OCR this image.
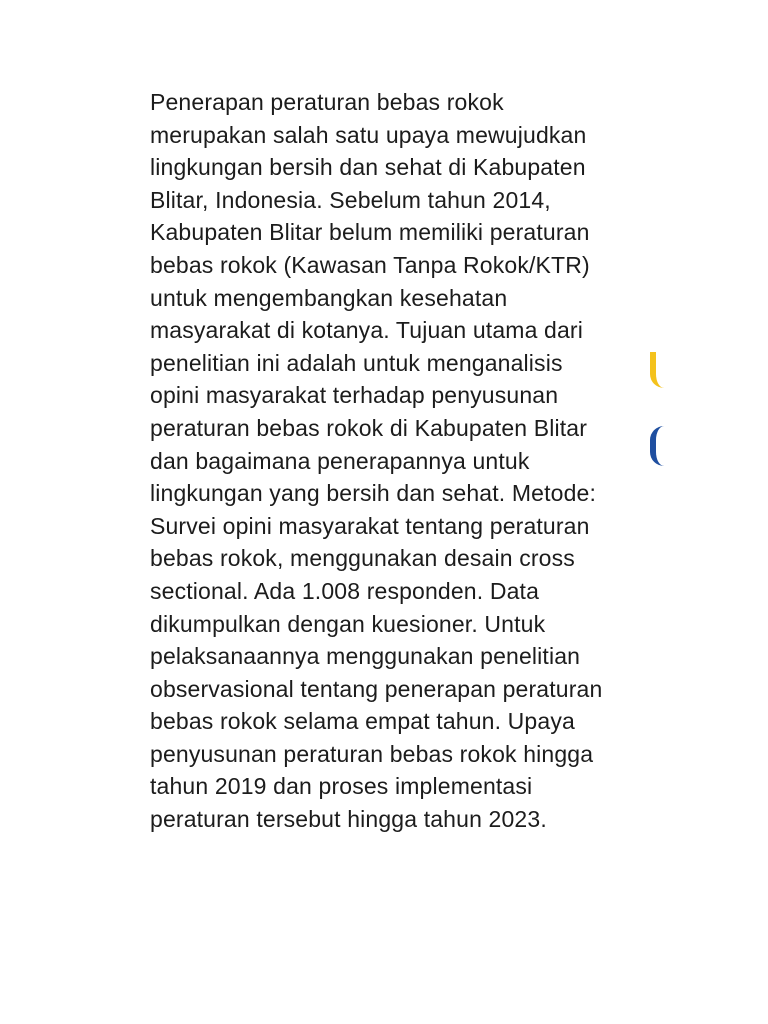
Penerapan peraturan bebas rokok
merupakan salah satu upaya mewujudkan
lingkungan bersih dan sehat di Kabupaten
Blitar, Indonesia. Sebelum tahun 2014,
Kabupaten Blitar belum memiliki peraturan
bebas rokok (Kawasan Tanpa Rokok/KTR)
untuk mengembangkan kesehatan
masyarakat di kotanya. Tujuan utama dari
penelitian ini adalah untuk menganalisis
opini masyarakat terhadap penyusunan
peraturan bebas rokok di Kabupaten Blitar
dan bagaimana penerapannya untuk
lingkungan yang bersih dan sehat. Metode:
Survei opini masyarakat tentang peraturan
bebas rokok, menggunakan desain cross
sectional. Ada 1.008 responden. Data
dikumpulkan dengan kuesioner. Untuk
pelaksanaannya menggunakan penelitian
observasional tentang penerapan peraturan
bebas rokok selama empat tahun. Upaya
penyusunan peraturan bebas rokok hingga
tahun 2019 dan proses implementasi
peraturan tersebut hingga tahun 2023.
